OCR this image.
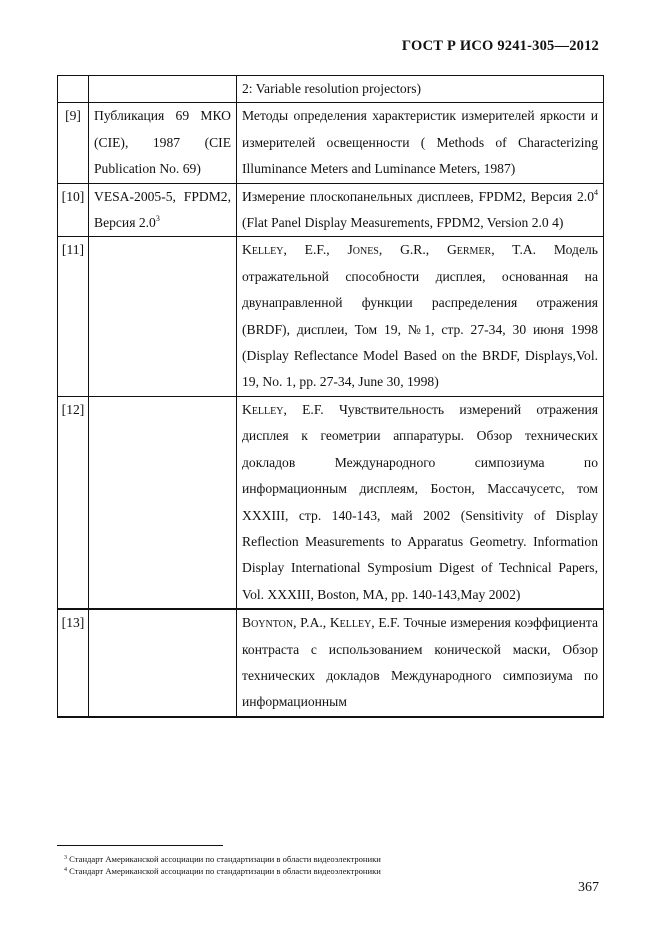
ГОСТ Р ИСО 9241-305—2012
		2: Variable resolution projectors)
[9]	Публикация 69 МКО (CIE), 1987 (CIE Publication No. 69)	Методы определения характеристик измерителей яркости и измерителей освещенности ( Methods of Characterizing Illuminance Meters and Luminance Meters, 1987)
[10]	VESA-2005-5, FPDM2, Версия $2.0^3$	Измерение плоскопанельных дисплеев, FPDM2, Версия $2.0^4$ (Flat Panel Display Measurements, FPDM2, Version 2.0 4)
[11]		Kelley, E.F., Jones, G.R., Germer, T.A. Модель отражательной способности дисплея, основанная на двунаправленной функции распределения отражения (BRDF), дисплеи, Том 19, №1, стр. 27-34, 30 июня 1998 (Display Reflectance Model Based on the BRDF, Displays,Vol. 19, No. 1, pp. 27-34, June 30, 1998)
[12]		Kelley, E.F. Чувствительность измерений отражения дисплея к геометрии аппаратуры. Обзор технических докладов Международного симпозиума по информационным дисплеям, Бостон, Массачусетс, том XXXIII, стр. 140-143, май 2002 (Sensitivity of Display Reflection Measurements to Apparatus Geometry. Information Display International Symposium Digest of Technical Papers, Vol. XXXIII, Boston, MA, pp. 140-143,May 2002)
[13]		Boynton, P.A., Kelley, E.F. Точные измерения коэффициента контраста с использованием конической маски, Обзор технических докладов Международного симпозиума по информационным
$^3$ Стандарт Американской ассоциации по стандартизации в области видеоэлектроники
$^4$ Стандарт Американской ассоциации по стандартизации в области видеоэлектроники
367
